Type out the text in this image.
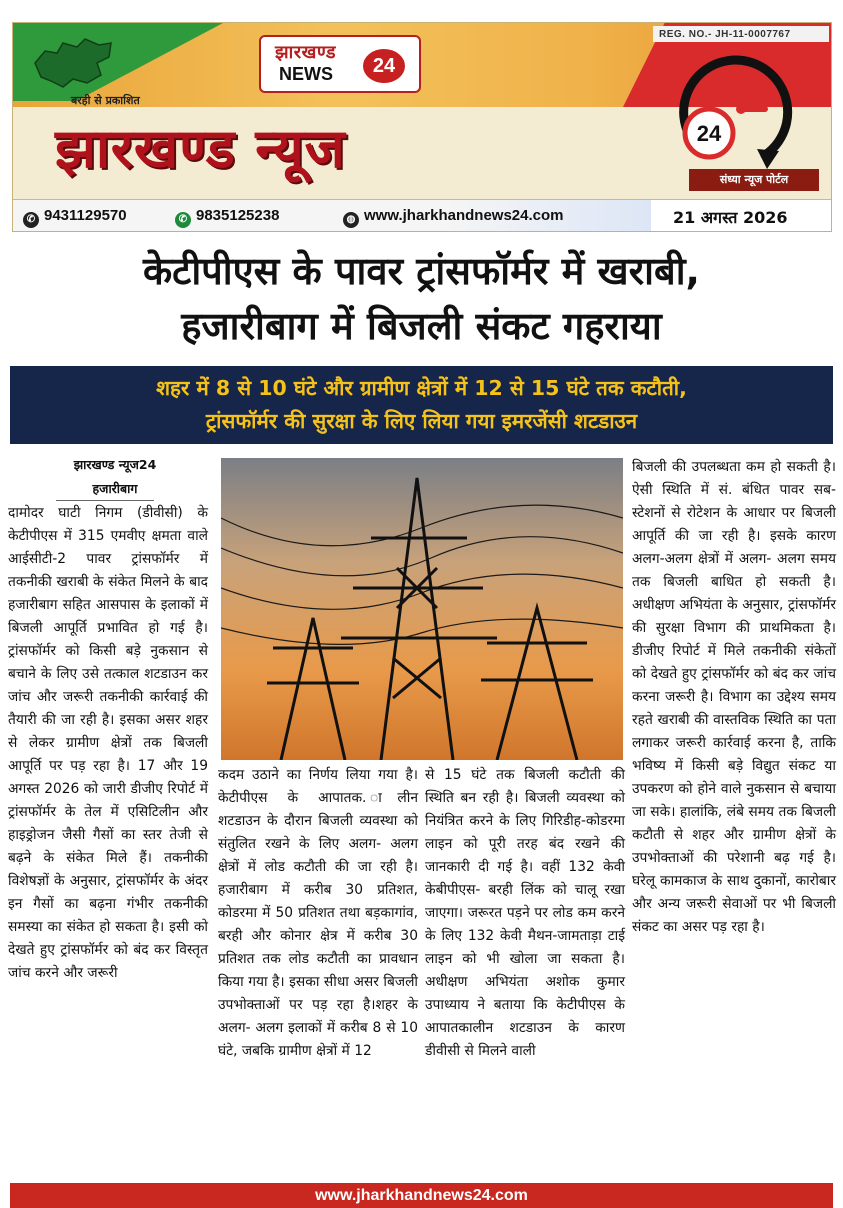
झारखण्ड
NEWS	24
बरही से प्रकाशित
झारखण्ड न्यूज
REG. NO.- JH-11-0007767
24
संध्या न्यूज पोर्टल
✆ 9431129570	✆ 9835125238	◍ www.jharkhandnews24.com	21 अगस्त 2026
केटीपीएस के पावर ट्रांसफॉर्मर में खराबी,
हजारीबाग में बिजली संकट गहराया
शहर में 8 से 10 घंटे और ग्रामीण क्षेत्रों में 12 से 15 घंटे तक कटौती,
ट्रांसफॉर्मर की सुरक्षा के लिए लिया गया इमरजेंसी शटडाउन
झारखण्ड न्यूज24
हजारीबाग
दामोदर घाटी निगम (डीवीसी) के केटीपीएस में 315 एमवीए क्षमता वाले आईसीटी-2 पावर ट्रांसफॉर्मर में तकनीकी खराबी के संकेत मिलने के बाद हजारीबाग सहित आसपास के इलाकों में बिजली आपूर्ति प्रभावित हो गई है। ट्रांसफॉर्मर को किसी बड़े नुकसान से बचाने के लिए उसे तत्काल शटडाउन कर जांच और जरूरी तकनीकी कार्रवाई की तैयारी की जा रही है। इसका असर शहर से लेकर ग्रामीण क्षेत्रों तक बिजली आपूर्ति पर पड़ रहा है। 17 और 19 अगस्त 2026 को जारी डीजीए रिपोर्ट में ट्रांसफॉर्मर के तेल में एसिटिलीन और हाइड्रोजन जैसी गैसों का स्तर तेजी से बढ़ने के संकेत मिले हैं। तकनीकी विशेषज्ञों के अनुसार, ट्रांसफॉर्मर के अंदर इन गैसों का बढ़ना गंभीर तकनीकी समस्या का संकेत हो सकता है। इसी को देखते हुए ट्रांसफॉर्मर को बंद कर विस्तृत जांच करने और जरूरी
कदम उठाने का निर्णय लिया गया है।केटीपीएस के आपातक. ालीन शटडाउन के दौरान बिजली व्यवस्था को संतुलित रखने के लिए अलग- अलग क्षेत्रों में लोड कटौती की जा रही है। हजारीबाग में करीब 30 प्रतिशत, कोडरमा में 50 प्रतिशत तथा बड़कागांव, बरही और कोनार क्षेत्र में करीब 30 प्रतिशत तक लोड कटौती का प्रावधान किया गया है। इसका सीधा असर बिजली उपभोक्ताओं पर पड़ रहा है।शहर के अलग- अलग इलाकों में करीब 8 से 10 घंटे, जबकि ग्रामीण क्षेत्रों में 12
से 15 घंटे तक बिजली कटौती की स्थिति बन रही है। बिजली व्यवस्था को नियंत्रित करने के लिए गिरिडीह-कोडरमा लाइन को पूरी तरह बंद रखने की जानकारी दी गई है। वहीं 132 केवी केबीपीएस- बरही लिंक को चालू रखा जाएगा। जरूरत पड़ने पर लोड कम करने के लिए 132 केवी मैथन-जामताड़ा टाई लाइन को भी खोला जा सकता है। अधीक्षण अभियंता अशोक कुमार उपाध्याय ने बताया कि केटीपीएस के आपातकालीन शटडाउन के कारण डीवीसी से मिलने वाली
बिजली की उपलब्धता कम हो सकती है। ऐसी स्थिति में सं. बंधित पावर सब-स्टेशनों से रोटेशन के आधार पर बिजली आपूर्ति की जा रही है। इसके कारण अलग-अलग क्षेत्रों में अलग- अलग समय तक बिजली बाधित हो सकती है। अधीक्षण अभियंता के अनुसार, ट्रांसफॉर्मर की सुरक्षा विभाग की प्राथमिकता है। डीजीए रिपोर्ट में मिले तकनीकी संकेतों को देखते हुए ट्रांसफॉर्मर को बंद कर जांच करना जरूरी है। विभाग का उद्देश्य समय रहते खराबी की वास्तविक स्थिति का पता लगाकर जरूरी कार्रवाई करना है, ताकि भविष्य में किसी बड़े विद्युत संकट या उपकरण को होने वाले नुकसान से बचाया जा सके। हालांकि, लंबे समय तक बिजली कटौती से शहर और ग्रामीण क्षेत्रों के उपभोक्ताओं की परेशानी बढ़ गई है। घरेलू कामकाज के साथ दुकानों, कारोबार और अन्य जरूरी सेवाओं पर भी बिजली संकट का असर पड़ रहा है।
www.jharkhandnews24.com
